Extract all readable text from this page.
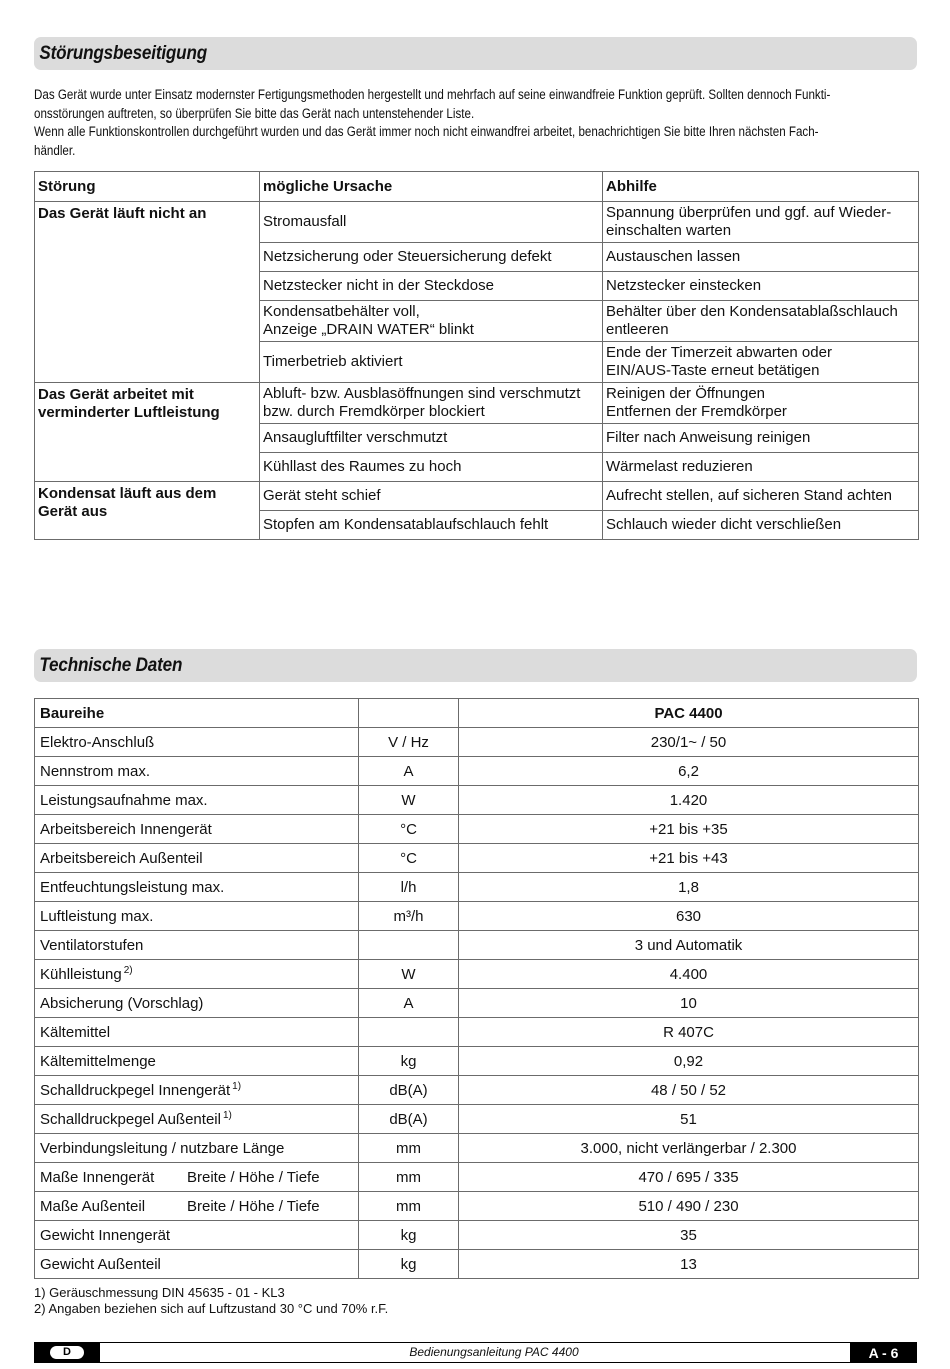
Störungsbeseitigung

Das Gerät wurde unter Einsatz modernster Fertigungsmethoden hergestellt und mehrfach auf seine einwandfreie Funktion geprüft. Sollten dennoch Funkti-

onsstörungen auftreten, so überprüfen Sie bitte das Gerät nach untenstehender Liste.

Wenn alle Funktionskontrollen durchgeführt wurden und das Gerät immer noch nicht einwandfrei arbeitet, benachrichtigen Sie bitte Ihren nächsten Fach-

händler.

Störung	mögliche Ursache	Abhilfe
Das Gerät läuft nicht an	Stromausfall	Spannung überprüfen und ggf. auf Wieder-
einschalten warten
	Netzsicherung oder Steuersicherung defekt	Austauschen lassen
	Netzstecker nicht in der Steckdose	Netzstecker einstecken
	Kondensatbehälter voll,
Anzeige „DRAIN WATER“ blinkt	Behälter über den Kondensatablaßschlauch
entleeren
	Timerbetrieb aktiviert	Ende der Timerzeit abwarten oder
EIN/AUS-Taste erneut betätigen
Das Gerät arbeitet mit
verminderter Luftleistung	Abluft- bzw. Ausblasöffnungen sind verschmutzt
bzw. durch Fremdkörper blockiert	Reinigen der Öffnungen
Entfernen der Fremdkörper
	Ansaugluftfilter verschmutzt	Filter nach Anweisung reinigen
	Kühllast des Raumes zu hoch	Wärmelast reduzieren
Kondensat läuft aus dem
Gerät aus	Gerät steht schief	Aufrecht stellen, auf sicheren Stand achten
	Stopfen am Kondensatablaufschlauch fehlt	Schlauch wieder dicht verschließen
Technische Daten
Baureihe		PAC 4400
Elektro-Anschluß	V / Hz	230/1~ / 50
Nennstrom max.	A	6,2
Leistungsaufnahme max.	W	1.420
Arbeitsbereich Innengerät	°C	+21 bis +35
Arbeitsbereich Außenteil	°C	+21 bis +43
Entfeuchtungsleistung max.	l/h	1,8
Luftleistung max.	m³/h	630
Ventilatorstufen		3 und Automatik
Kühlleistung $^{2)}$	W	4.400
Absicherung (Vorschlag)	A	10
Kältemittel		R 407C
Kältemittelmenge	kg	0,92
Schalldruckpegel Innengerät $^{1)}$	dB(A)	48 / 50 / 52
Schalldruckpegel Außenteil $^{1)}$	dB(A)	51
Verbindungsleitung / nutzbare Länge	mm	3.000, nicht verlängerbar / 2.300
Maße Innengerät Breite / Höhe / Tiefe	mm	470 / 695 / 335
Maße Außenteil Breite / Höhe / Tiefe	mm	510 / 490 / 230
Gewicht Innengerät	kg	35
Gewicht Außenteil	kg	13
1) Geräuschmessung DIN 45635 - 01 - KL3
2) Angaben beziehen sich auf Luftzustand 30 °C und 70% r.F.
D	Bedienungsanleitung PAC 4400	A - 6
